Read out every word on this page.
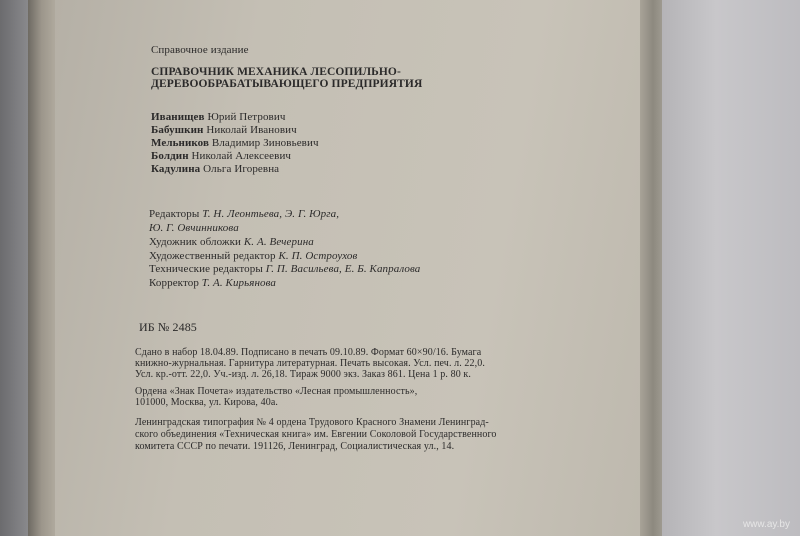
Справочное издание
СПРАВОЧНИК МЕХАНИКА ЛЕСОПИЛЬНО-
ДЕРЕВООБРАБАТЫВАЮЩЕГО ПРЕДПРИЯТИЯ
Иванищев Юрий Петрович
Бабушкин Николай Иванович
Мельников Владимир Зиновьевич
Болдин Николай Алексеевич
Кадулина Ольга Игоревна
Редакторы Т. Н. Леонтьева, Э. Г. Юрга,
Ю. Г. Овчинникова
Художник обложки К. А. Вечерина
Художественный редактор К. П. Остроухов
Технические редакторы Г. П. Васильева, Е. Б. Капралова
Корректор Т. А. Кирьянова
ИБ № 2485
Сдано в набор 18.04.89. Подписано в печать 09.10.89. Формат 60×90/16. Бумага
книжно-журнальная. Гарнитура литературная. Печать высокая. Усл. печ. л. 22,0.
Усл. кр.-отт. 22,0. Уч.-изд. л. 26,18. Тираж 9000 экз. Заказ 861. Цена 1 р. 80 к.
Ордена «Знак Почета» издательство «Лесная промышленность»,
101000, Москва, ул. Кирова, 40а.
Ленинградская типография № 4 ордена Трудового Красного Знамени Ленинград-
ского объединения «Техническая книга» им. Евгении Соколовой Государственного
комитета СССР по печати. 191126, Ленинград, Социалистическая ул., 14.
www.ay.by
